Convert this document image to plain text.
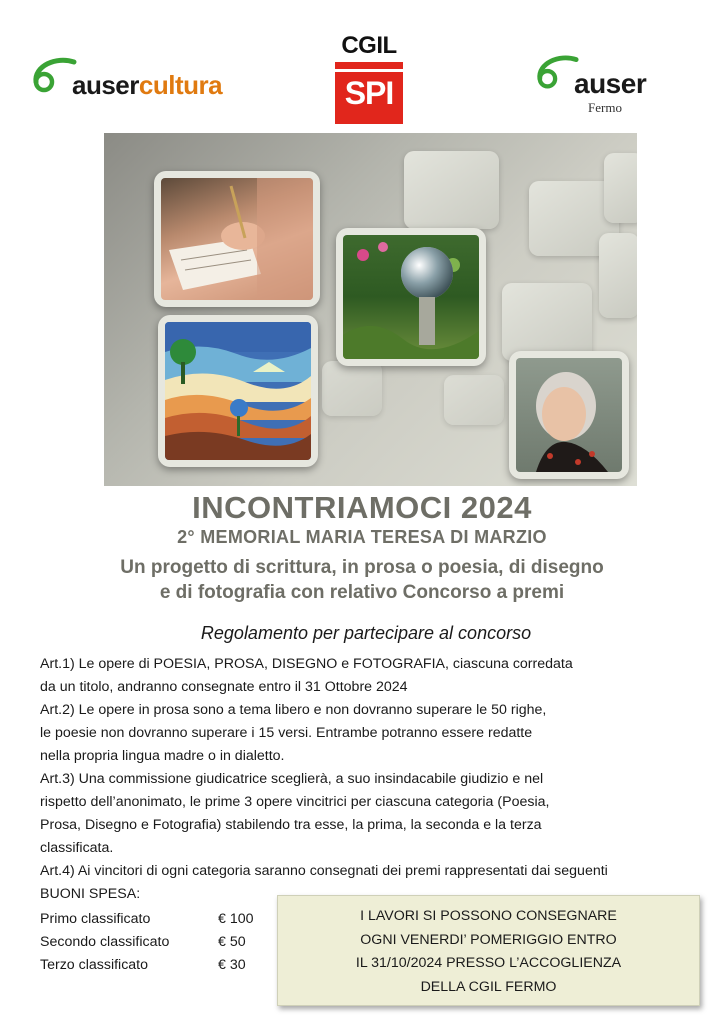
ausercultura
CGIL
SPI	auser
Fermo
INCONTRIAMOCI 2024
2° MEMORIAL MARIA TERESA DI MARZIO
Un progetto di scrittura, in prosa o poesia, di disegno
e di fotografia con relativo Concorso a premi
Regolamento per partecipare al concorso

Art.1) Le opere di POESIA, PROSA, DISEGNO e FOTOGRAFIA, ciascuna corredata

da un titolo, andranno consegnate entro il 31 Ottobre 2024

Art.2) Le opere in prosa sono a tema libero e non dovranno superare le 50 righe,

le poesie non dovranno superare i 15 versi. Entrambe potranno essere redatte

nella propria lingua madre o in dialetto.

Art.3) Una commissione giudicatrice sceglierà, a suo insindacabile giudizio e nel

rispetto dell’anonimato, le prime 3 opere vincitrici per ciascuna categoria (Poesia,

Prosa, Disegno e Fotografia) stabilendo tra esse, la prima, la seconda e la terza

classificata.

Art.4) Ai vincitori di ogni categoria saranno consegnati dei premi rappresentati dai seguenti

BUONI SPESA:

Primo classificato	€ 100
Secondo classificato	€ 50
Terzo classificato	€ 30
I LAVORI SI POSSONO CONSEGNARE
OGNI VENERDI’ POMERIGGIO ENTRO
IL 31/10/2024 PRESSO L’ACCOGLIENZA
DELLA CGIL FERMO
